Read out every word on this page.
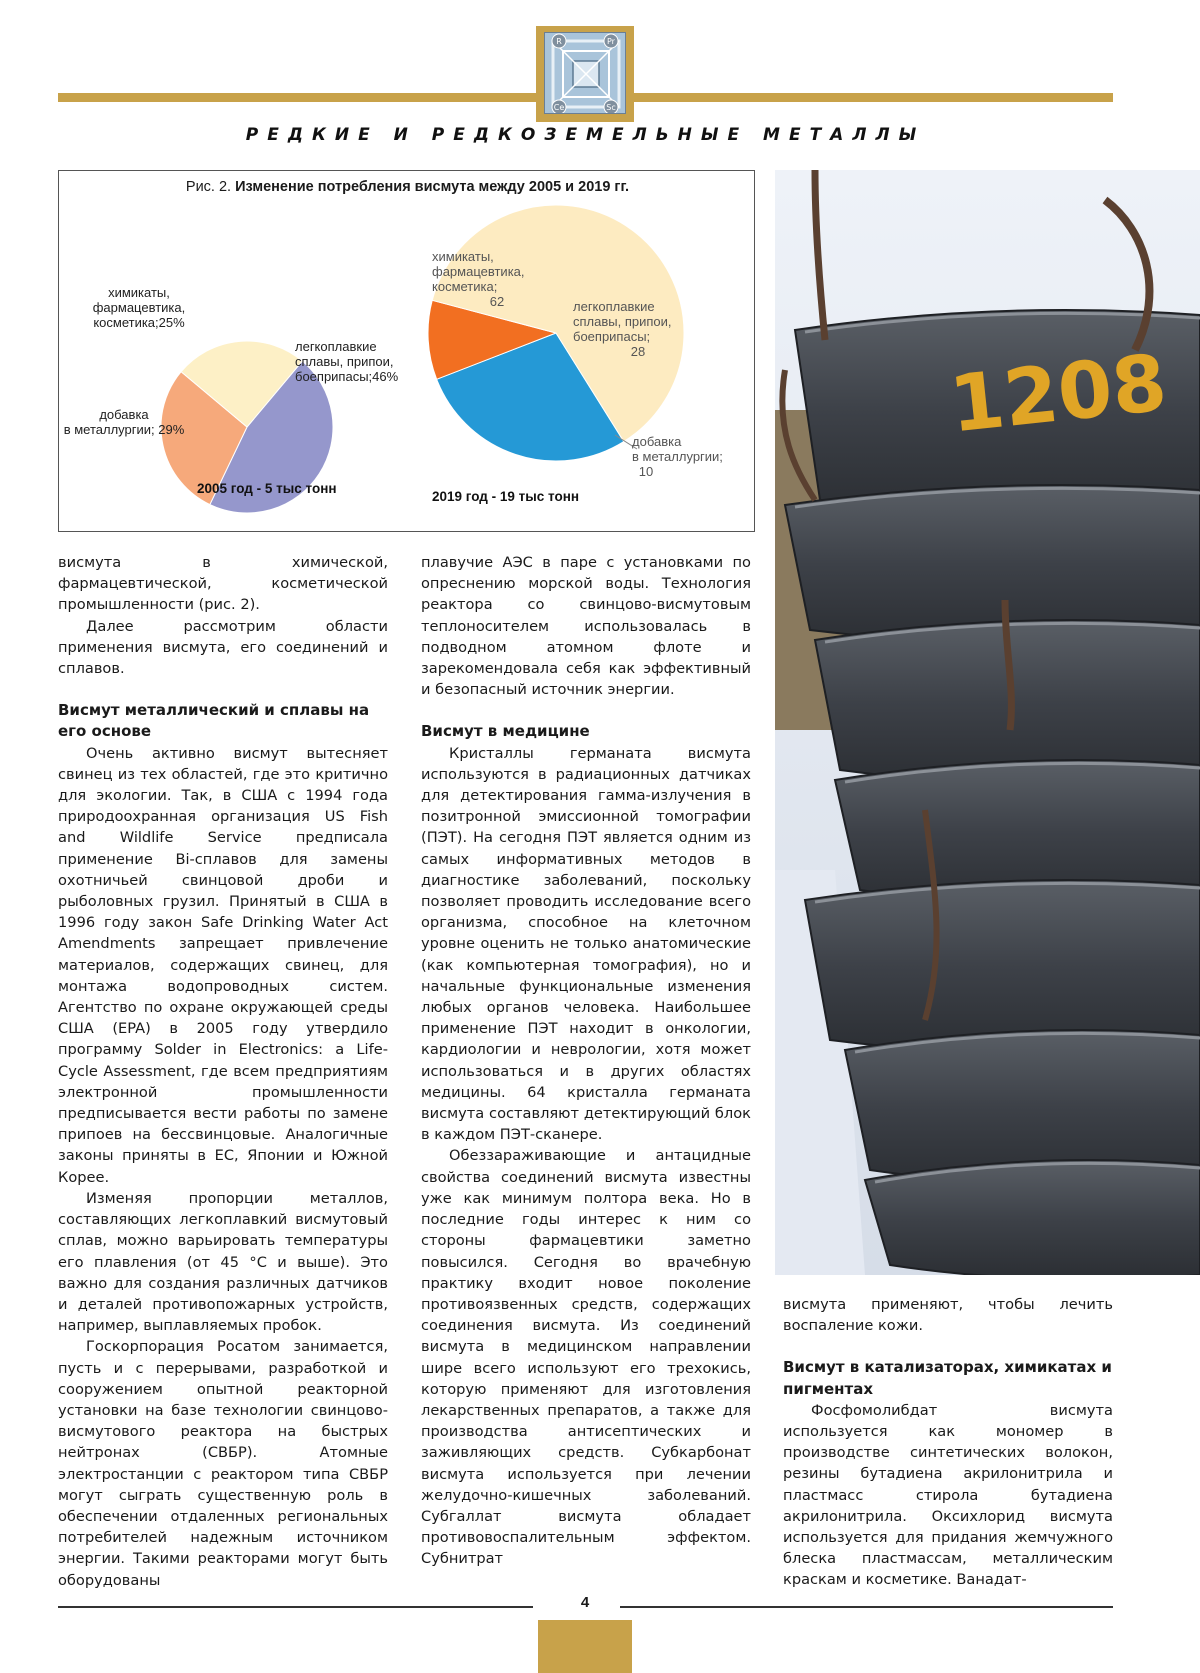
R	Pr
Ce	Sc
РЕДКИЕ И РЕДКОЗЕМЕЛЬНЫЕ МЕТАЛЛЫ
Рис. 2. Изменение потребления висмута между 2005 и 2019 гг.
химикаты, фармацевтика, косметика;25%
легкоплавкие сплавы, припои, боеприпасы;46%
добавка в металлургии; 29%
2005 год - 5 тыс тонн
химикаты, фармацевтика, косметика; 62	легкоплавкие сплавы, припои, боеприпасы; 28
добавка в металлургии; 10
2019 год - 19 тыс тонн

висмута в химической, фармацевтической, косметической промышленности (рис. 2).

Далее рассмотрим области применения висмута, его соединений и сплавов.

Висмут металлический и сплавы на его основе

Очень активно висмут вытесняет свинец из тех областей, где это критично для экологии. Так, в США с 1994 года природоохранная организация US Fish and Wildlife Service предписала применение Bi-сплавов для замены охотничьей свинцовой дроби и рыболовных грузил. Принятый в США в 1996 году закон Safe Drinking Water Act Amendments запрещает привлечение материалов, содержащих свинец, для монтажа водопроводных систем. Агентство по охране окружающей среды США (EPA) в 2005 году утвердило программу Solder in Electronics: a Life-Cycle Assessment, где всем предприятиям электронной промышленности предписывается вести работы по замене припоев на бессвинцовые. Аналогичные законы приняты в ЕС, Японии и Южной Корее.

Изменяя пропорции металлов, составляющих легкоплавкий висмутовый сплав, можно варьировать температуры его плавления (от 45 °С и выше). Это важно для создания различных датчиков и деталей противопожарных устройств, например, выплавляемых пробок.

Госкорпорация Росатом занимается, пусть и с перерывами, разработкой и сооружением опытной реакторной установки на базе технологии свинцово-висмутового реактора на быстрых нейтронах (СВБР). Атомные электростанции с реактором типа СВБР могут сыграть существенную роль в обеспечении отдаленных региональных потребителей надежным источником энергии. Такими реакторами могут быть оборудованы

плавучие АЭС в паре с установками по опреснению морской воды. Технология реактора со свинцово-висмутовым теплоносителем использовалась в подводном атомном флоте и зарекомендовала себя как эффективный и безопасный источник энергии.

Висмут в медицине

Кристаллы германата висмута используются в радиационных датчиках для детектирования гамма-излучения в позитронной эмиссионной томографии (ПЭТ). На сегодня ПЭТ является одним из самых информативных методов в диагностике заболеваний, поскольку позволяет проводить исследование всего организма, способное на клеточном уровне оценить не только анатомические (как компьютерная томография), но и начальные функциональные изменения любых органов человека. Наибольшее применение ПЭТ находит в онкологии, кардиологии и неврологии, хотя может использоваться и в других областях медицины. 64 кристалла германата висмута составляют детектирующий блок в каждом ПЭТ-сканере.

Обеззараживающие и антацидные свойства соединений висмута известны уже как минимум полтора века. Но в последние годы интерес к ним со стороны фармацевтики заметно повысился. Сегодня во врачебную практику входит новое поколение противоязвенных средств, содержащих соединения висмута. Из соединений висмута в медицинском направлении шире всего используют его трехокись, которую применяют для изготовления лекарственных препаратов, а также для производства антисептических и заживляющих средств. Субкарбонат висмута используется при лечении желудочно-кишечных заболеваний. Субгаллат висмута обладает противовоспалительным эффектом. Субнитрат

висмута применяют, чтобы лечить воспаление кожи.

Висмут в катализаторах, химикатах и пигментах

Фосфомолибдат висмута используется как мономер в производстве синтетических волокон, резины бутадиена акрилонитрила и пластмасс стирола бутадиена акрилонитрила. Оксихлорид висмута используется для придания жемчужного блеска пластмассам, металлическим краскам и косметике. Ванадат-

1208
4
